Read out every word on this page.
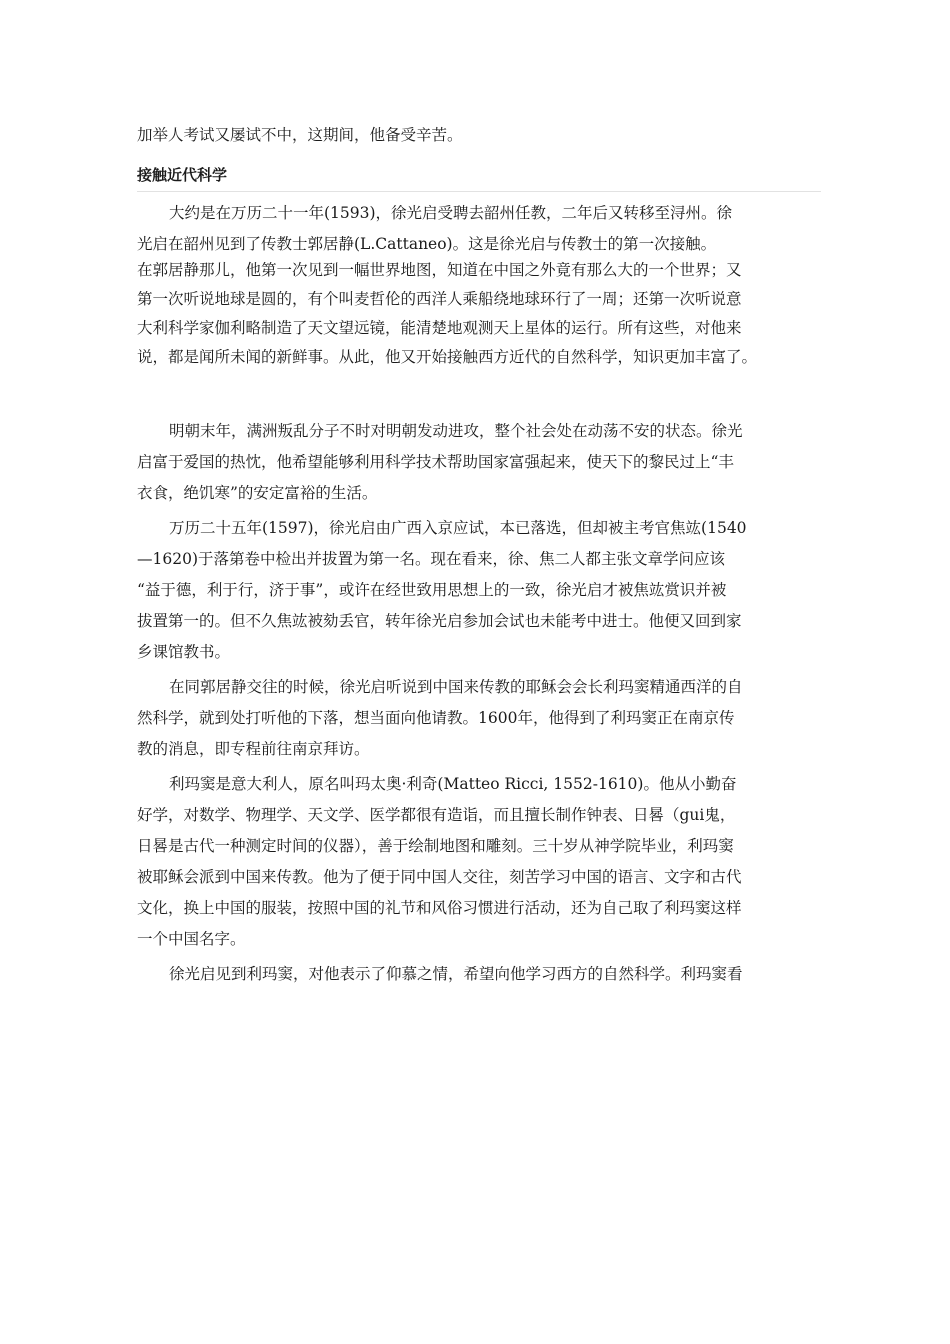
加举人考试又屡试不中，这期间，他备受辛苦。

接触近代科学

大约是在万历二十一年(1593)，徐光启受聘去韶州任教，二年后又转移至浔州。徐

光启在韶州见到了传教士郭居静(L.Cattaneo)。这是徐光启与传教士的第一次接触。

在郭居静那儿，他第一次见到一幅世界地图，知道在中国之外竟有那么大的一个世界；又

第一次听说地球是圆的，有个叫麦哲伦的西洋人乘船绕地球环行了一周；还第一次听说意

大利科学家伽利略制造了天文望远镜，能清楚地观测天上星体的运行。所有这些，对他来

说，都是闻所未闻的新鲜事。从此，他又开始接触西方近代的自然科学，知识更加丰富了。

明朝末年，满洲叛乱分子不时对明朝发动进攻，整个社会处在动荡不安的状态。徐光

启富于爱国的热忱，他希望能够利用科学技术帮助国家富强起来，使天下的黎民过上“丰

衣食，绝饥寒”的安定富裕的生活。

万历二十五年(1597)，徐光启由广西入京应试，本已落选，但却被主考官焦竑(1540

—1620)于落第卷中检出并拔置为第一名。现在看来，徐、焦二人都主张文章学问应该

“益于德，利于行，济于事”，或许在经世致用思想上的一致，徐光启才被焦竑赏识并被

拔置第一的。但不久焦竑被劾丢官，转年徐光启参加会试也未能考中进士。他便又回到家

乡课馆教书。

在同郭居静交往的时候，徐光启听说到中国来传教的耶稣会会长利玛窦精通西洋的自

然科学，就到处打听他的下落，想当面向他请教。1600年，他得到了利玛窦正在南京传

教的消息，即专程前往南京拜访。

利玛窦是意大利人，原名叫玛太奥·利奇(Matteo Ricci, 1552-1610)。他从小勤奋

好学，对数学、物理学、天文学、医学都很有造诣，而且擅长制作钟表、日晷（gui鬼，

日晷是古代一种测定时间的仪器），善于绘制地图和雕刻。三十岁从神学院毕业，利玛窦

被耶稣会派到中国来传教。他为了便于同中国人交往，刻苦学习中国的语言、文字和古代

文化，换上中国的服装，按照中国的礼节和风俗习惯进行活动，还为自己取了利玛窦这样

一个中国名字。

徐光启见到利玛窦，对他表示了仰慕之情，希望向他学习西方的自然科学。利玛窦看
